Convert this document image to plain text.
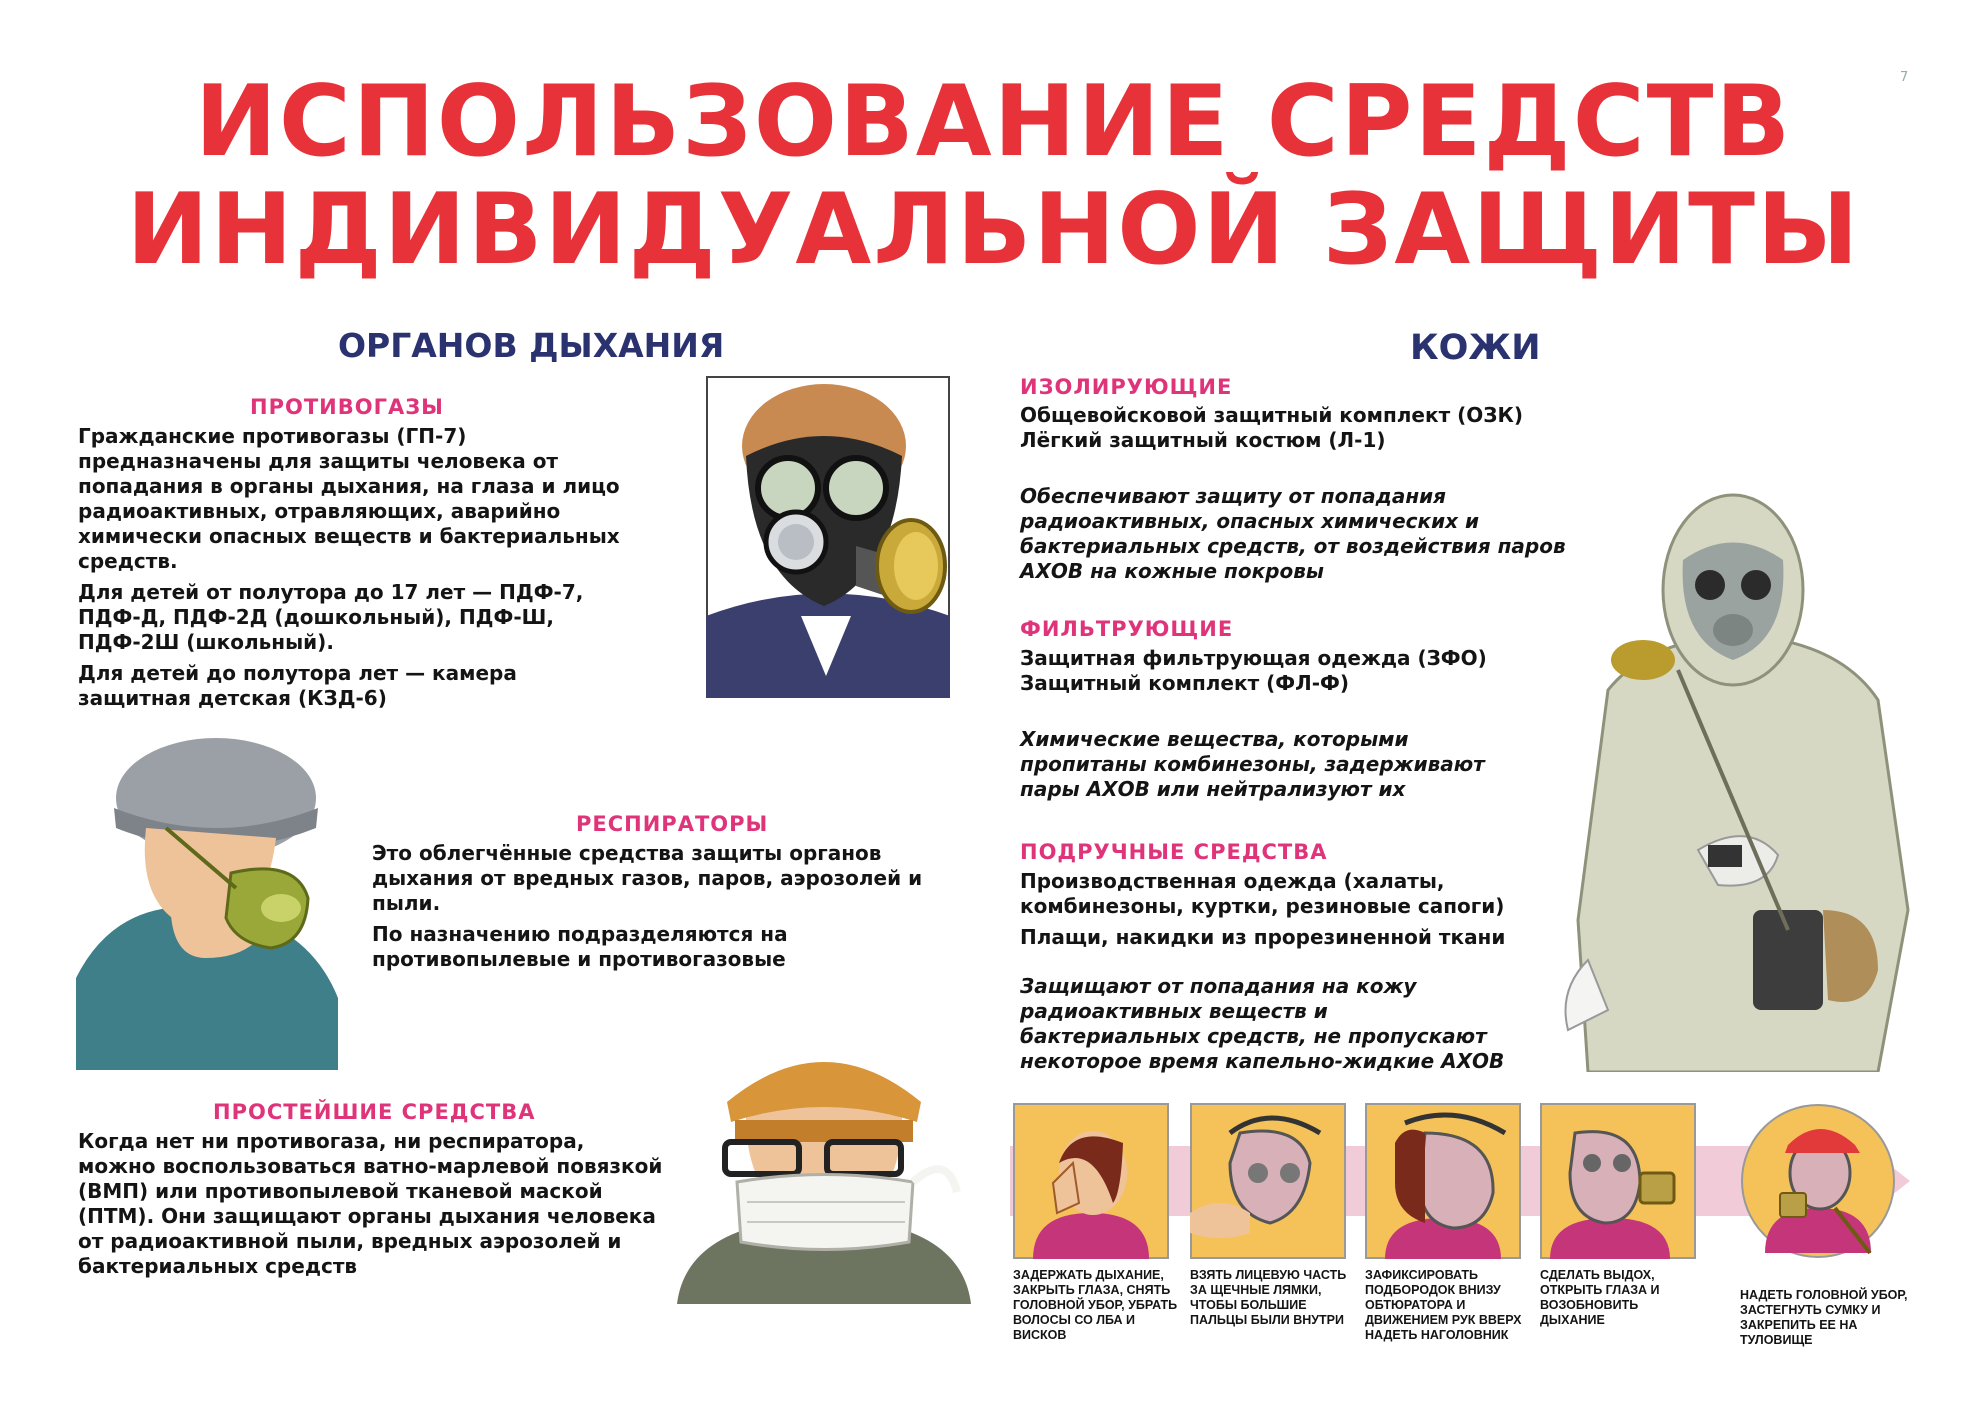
7
ИСПОЛЬЗОВАНИЕ СРЕДСТВ
ИНДИВИДУАЛЬНОЙ ЗАЩИТЫ
ОРГАНОВ ДЫХАНИЯ
ПРОТИВОГАЗЫ

Гражданские противогазы (ГП-7) предназначены для защиты человека от попадания в органы дыхания, на глаза и лицо радиоактивных, отравляющих, аварийно химически опасных веществ и бактериальных средств.

Для детей от полутора до 17 лет — ПДФ-7, ПДФ-Д, ПДФ-2Д (дошкольный), ПДФ-Ш, ПДФ-2Ш (школьный).

Для детей до полутора лет — камера защитная детская (КЗД-6)

РЕСПИРАТОРЫ

Это облегчённые средства защиты органов дыхания от вредных газов, паров, аэрозолей и пыли.

По назначению подразделяются на противопылевые и противогазовые

ПРОСТЕЙШИЕ СРЕДСТВА

Когда нет ни противогаза, ни респиратора, можно воспользоваться ватно-марлевой повязкой (ВМП) или противопылевой тканевой маской (ПТМ). Они защищают органы дыхания человека от радиоактивной пыли, вредных аэрозолей и бактериальных средств

КОЖИ
ИЗОЛИРУЮЩИЕ
Общевойсковой защитный комплект (ОЗК)
Лёгкий защитный костюм (Л-1)
Обеспечивают защиту от попадания радиоактивных, опасных химических и бактериальных средств, от воздействия паров АХОВ на кожные покровы
ФИЛЬТРУЮЩИЕ
Защитная фильтрующая одежда (ЗФО)
Защитный комплект (ФЛ-Ф)
Химические вещества, которыми пропитаны комбинезоны, задерживают пары АХОВ или нейтрализуют их
ПОДРУЧНЫЕ СРЕДСТВА

Производственная одежда (халаты, комбинезоны, куртки, резиновые сапоги)

Плащи, накидки из прорезиненной ткани

Защищают от попадания на кожу радиоактивных веществ и бактериальных средств, не пропускают некоторое время капельно-жидкие АХОВ
ЗАДЕРЖАТЬ ДЫХАНИЕ, ЗАКРЫТЬ ГЛАЗА, СНЯТЬ ГОЛОВНОЙ УБОР, УБРАТЬ ВОЛОСЫ СО ЛБА И ВИСКОВ
ВЗЯТЬ ЛИЦЕВУЮ ЧАСТЬ ЗА ЩЕЧНЫЕ ЛЯМКИ, ЧТОБЫ БОЛЬШИЕ ПАЛЬЦЫ БЫЛИ ВНУТРИ
ЗАФИКСИРОВАТЬ ПОДБОРОДОК ВНИЗУ ОБТЮРАТОРА И ДВИЖЕНИЕМ РУК ВВЕРХ НАДЕТЬ НАГОЛОВНИК
СДЕЛАТЬ ВЫДОХ, ОТКРЫТЬ ГЛАЗА И ВОЗОБНОВИТЬ ДЫХАНИЕ
НАДЕТЬ ГОЛОВНОЙ УБОР, ЗАСТЕГНУТЬ СУМКУ И ЗАКРЕПИТЬ ЕЕ НА ТУЛОВИЩЕ
